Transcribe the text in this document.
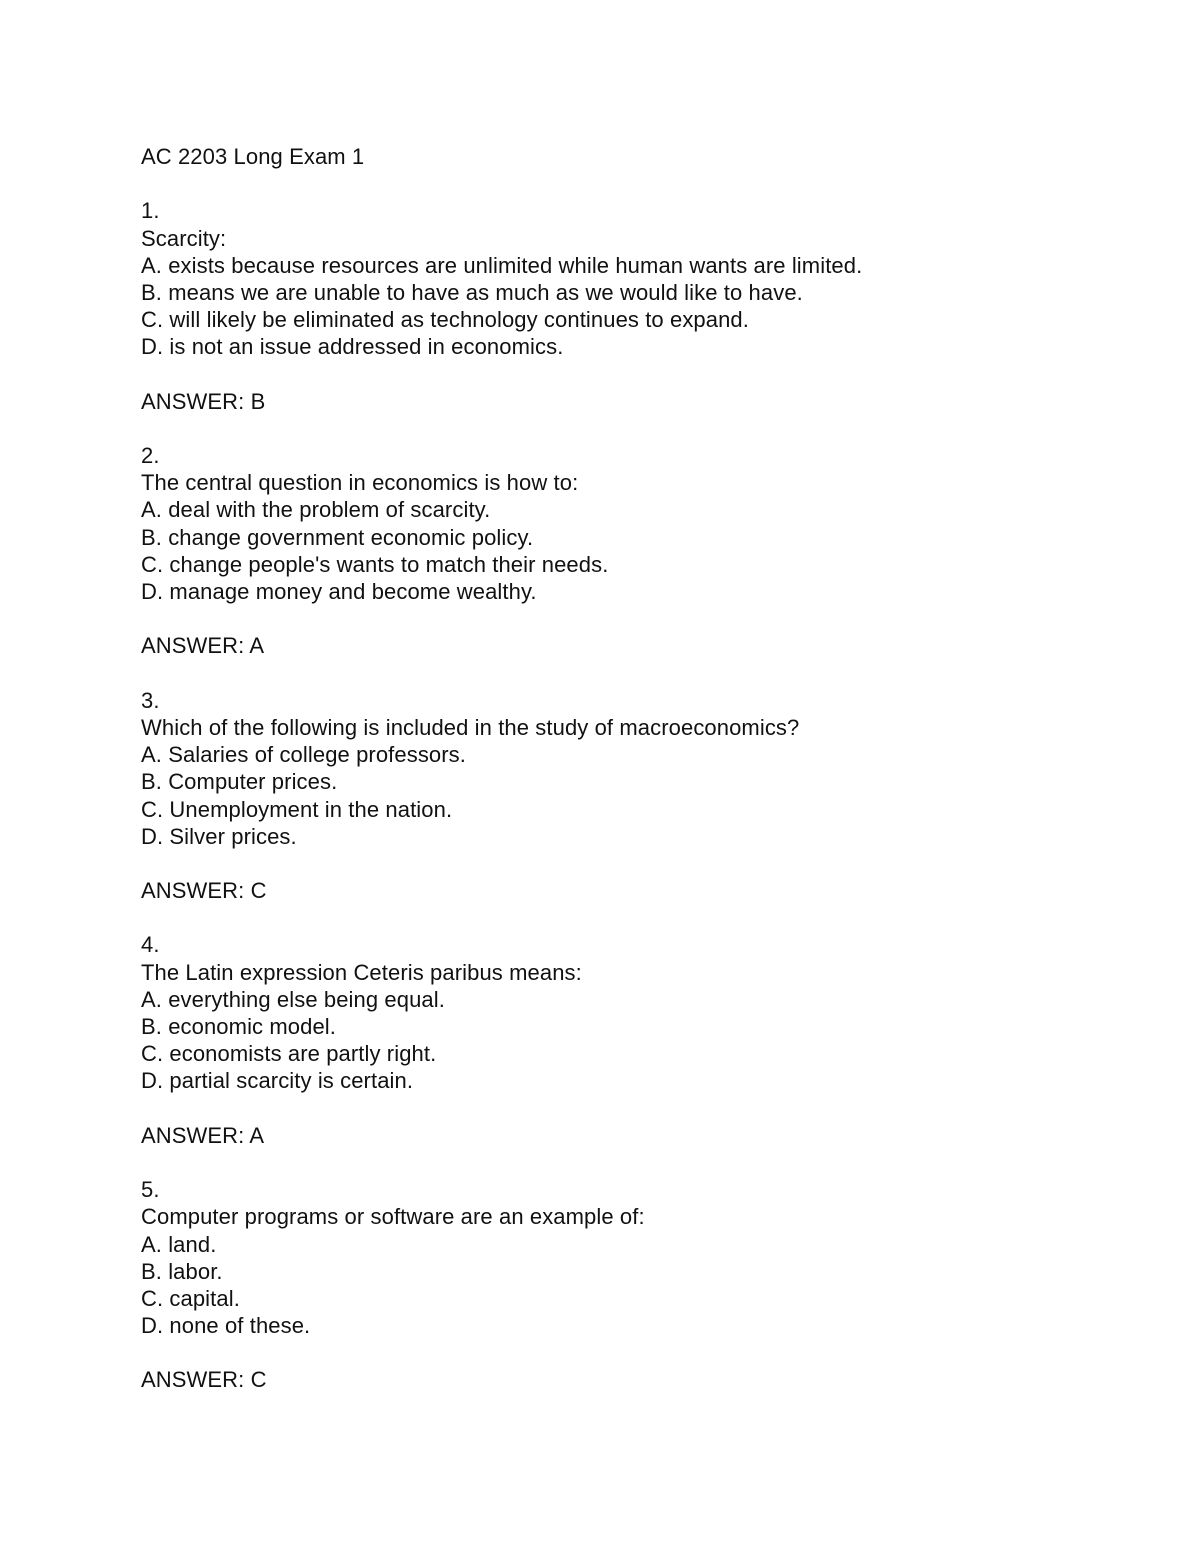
AC 2203 Long Exam 1
1.
Scarcity:
A. exists because resources are unlimited while human wants are limited.
B. means we are unable to have as much as we would like to have.
C. will likely be eliminated as technology continues to expand.
D. is not an issue addressed in economics.
ANSWER: B
2.
The central question in economics is how to:
A. deal with the problem of scarcity.
B. change government economic policy.
C. change people's wants to match their needs.
D. manage money and become wealthy.
ANSWER: A
3.
Which of the following is included in the study of macroeconomics?
A. Salaries of college professors.
B. Computer prices.
C. Unemployment in the nation.
D. Silver prices.
ANSWER: C
4.
The Latin expression Ceteris paribus means:
A. everything else being equal.
B. economic model.
C. economists are partly right.
D. partial scarcity is certain.
ANSWER: A
5.
Computer programs or software are an example of:
A. land.
B. labor.
C. capital.
D. none of these.
ANSWER: C
